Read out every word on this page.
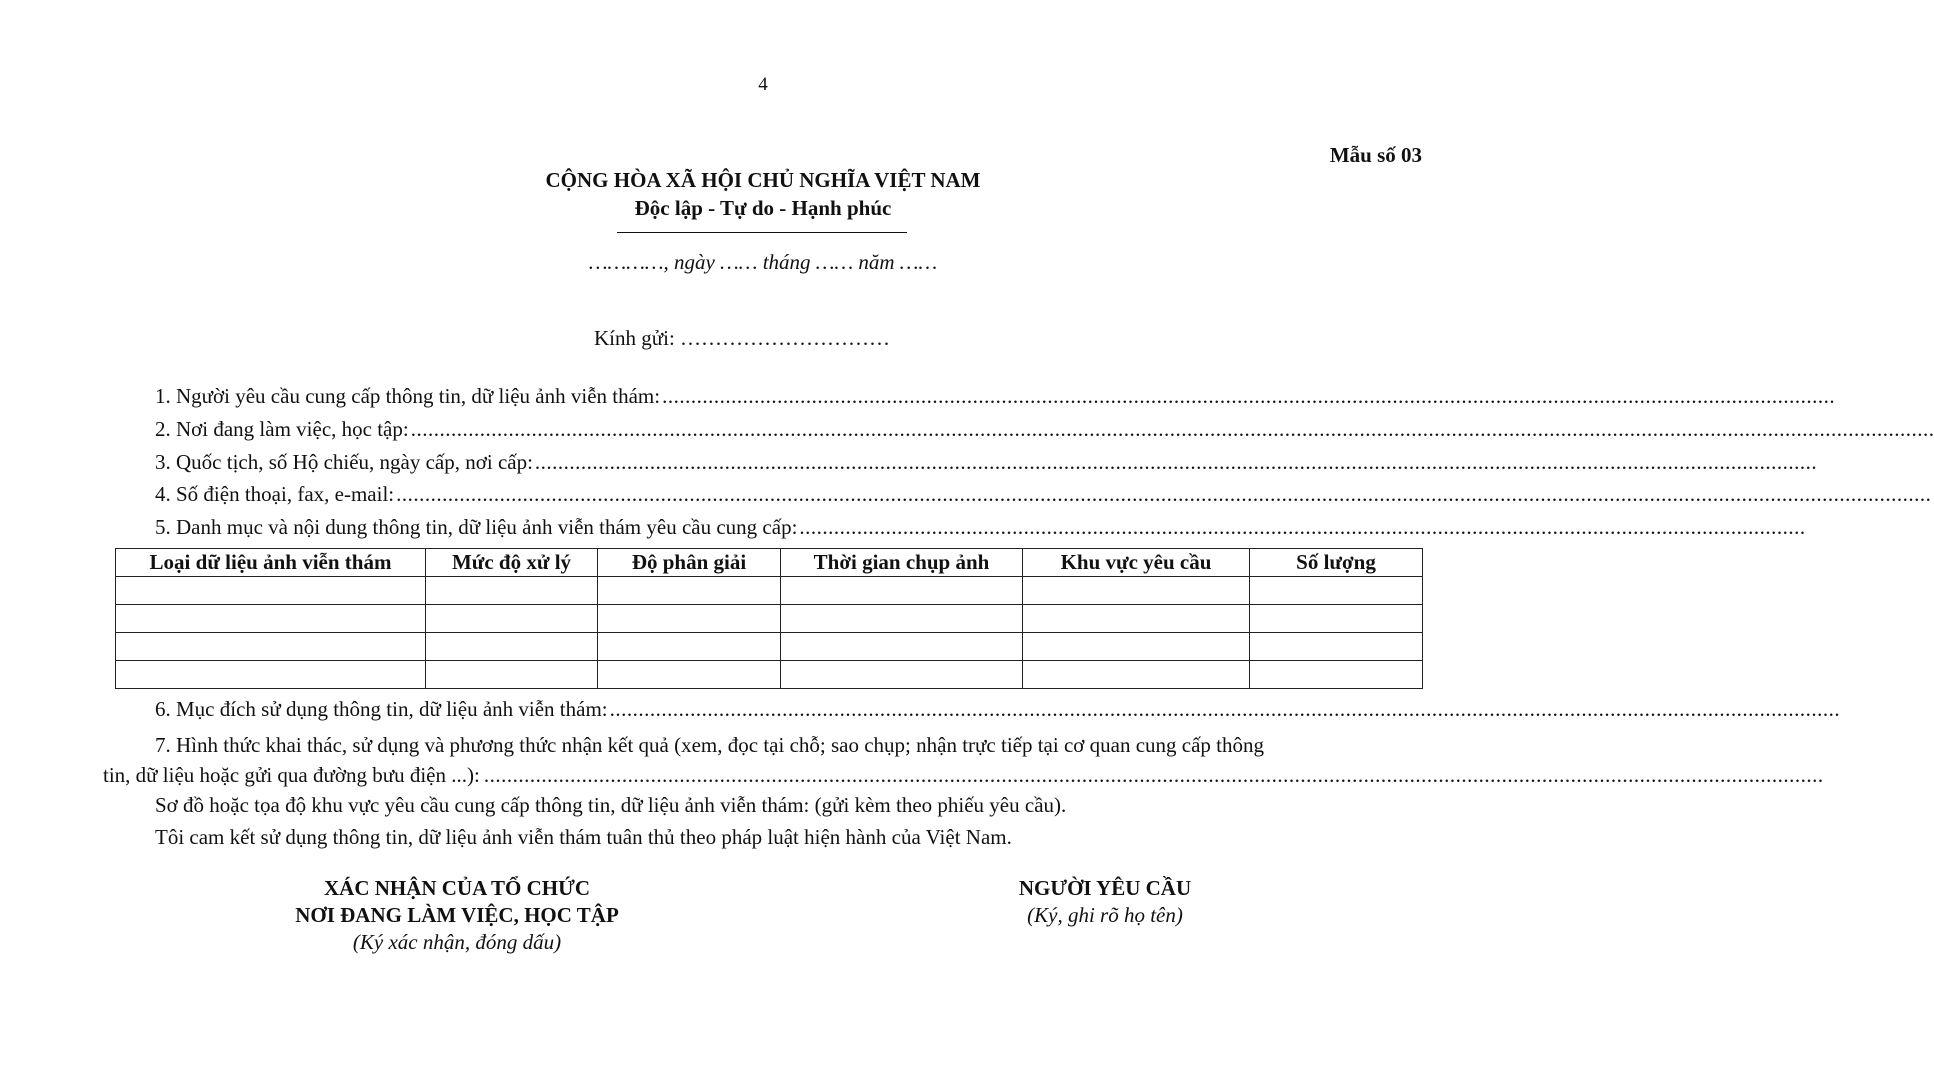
4
Mẫu số 03
CỘNG HÒA XÃ HỘI CHỦ NGHĨA VIỆT NAM
Độc lập - Tự do - Hạnh phúc
…………, ngày …… tháng …… năm ……
Kính gửi: …………………………
1. Người yêu cầu cung cấp thông tin, dữ liệu ảnh viễn thám: ............................................................................................................................................................................................................
2. Nơi đang làm việc, học tập: .........................................................................................................................................................................................................................................................................
3. Quốc tịch, số Hộ chiếu, ngày cấp, nơi cấp: ...............................................................................................................................................................................................................................
4. Số điện thoại, fax, e-mail: ...........................................................................................................................................................................................................................................................................
5. Danh mục và nội dung thông tin, dữ liệu ảnh viễn thám yêu cầu cung cấp: ...............................................................................................................................................................................
Loại dữ liệu ảnh viễn thám	Mức độ xử lý	Độ phân giải	Thời gian chụp ảnh	Khu vực yêu cầu	Số lượng

6. Mục đích sử dụng thông tin, dữ liệu ảnh viễn thám: ......................................................................................................................................................................................................................
7. Hình thức khai thác, sử dụng và phương thức nhận kết quả (xem, đọc tại chỗ; sao chụp; nhận trực tiếp tại cơ quan cung cấp thông
tin, dữ liệu hoặc gửi qua đường bưu điện ...): .........................................................................................................................................................................................................................................
Sơ đồ hoặc tọa độ khu vực yêu cầu cung cấp thông tin, dữ liệu ảnh viễn thám: (gửi kèm theo phiếu yêu cầu).
Tôi cam kết sử dụng thông tin, dữ liệu ảnh viễn thám tuân thủ theo pháp luật hiện hành của Việt Nam.
XÁC NHẬN CỦA TỔ CHỨC
NƠI ĐANG LÀM VIỆC, HỌC TẬP
(Ký xác nhận, đóng dấu)
NGƯỜI YÊU CẦU
(Ký, ghi rõ họ tên)
